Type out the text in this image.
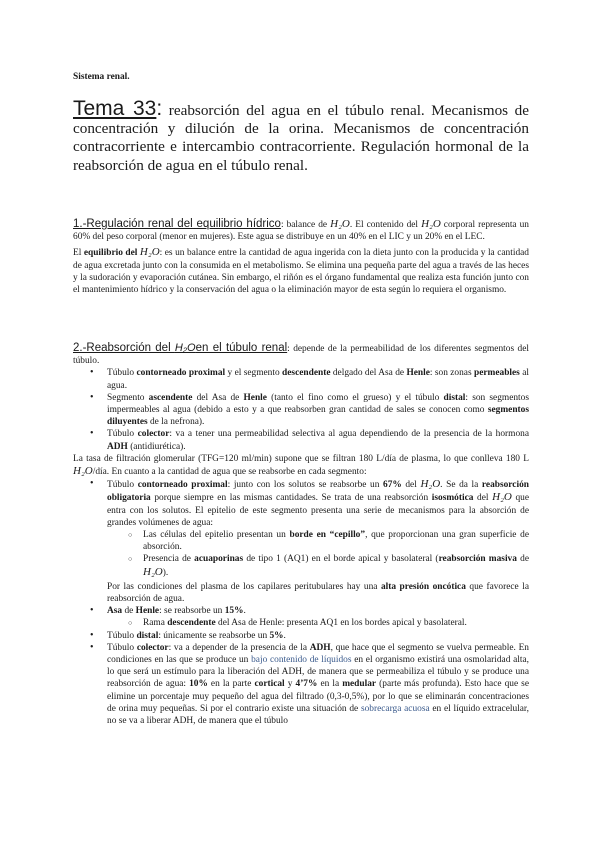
Sistema renal.
Tema 33: reabsorción del agua en el túbulo renal. Mecanismos de concentración y dilución de la orina. Mecanismos de concentración contracorriente e intercambio contracorriente. Regulación hormonal de la reabsorción de agua en el túbulo renal.

1.-Regulación renal del equilibrio hídrico: balance de H₂O. El contenido del H₂O corporal representa un 60% del peso corporal (menor en mujeres). Este agua se distribuye en un 40% en el LIC y un 20% en el LEC.

El equilibrio del H₂O: es un balance entre la cantidad de agua ingerida con la dieta junto con la producida y la cantidad de agua excretada junto con la consumida en el metabolismo. Se elimina una pequeña parte del agua a través de las heces y la sudoración y evaporación cutánea. Sin embargo, el riñón es el órgano fundamental que realiza esta función junto con el mantenimiento hídrico y la conservación del agua o la eliminación mayor de esta según lo requiera el organismo.

2.-Reabsorción del H₂Oen el túbulo renal: depende de la permeabilidad de los diferentes segmentos del túbulo.

• Túbulo contorneado proximal y el segmento descendente delgado del Asa de Henle: son zonas permeables al agua.
• Segmento ascendente del Asa de Henle (tanto el fino como el grueso) y el túbulo distal: son segmentos impermeables al agua (debido a esto y a que reabsorben gran cantidad de sales se conocen como segmentos diluyentes de la nefrona).
• Túbulo colector: va a tener una permeabilidad selectiva al agua dependiendo de la presencia de la hormona ADH (antidiurética).

La tasa de filtración glomerular (TFG=120 ml/min) supone que se filtran 180 L/día de plasma, lo que conlleva 180 L H₂O/día. En cuanto a la cantidad de agua que se reabsorbe en cada segmento:

• Túbulo contorneado proximal: junto con los solutos se reabsorbe un 67% del H₂O. Se da la reabsorción obligatoria porque siempre en las mismas cantidades. Se trata de una reabsorción isosmótica del H₂O que entra con los solutos. El epitelio de este segmento presenta una serie de mecanismos para la absorción de grandes volúmenes de agua:
○ Las células del epitelio presentan un borde en “cepillo”, que proporcionan una gran superficie de absorción.
○ Presencia de acuaporinas de tipo 1 (AQ1) en el borde apical y basolateral (reabsorción masiva de H₂O).

Por las condiciones del plasma de los capilares peritubulares hay una alta presión oncótica que favorece la reabsorción de agua.

• Asa de Henle: se reabsorbe un 15%.
○ Rama descendente del Asa de Henle: presenta AQ1 en los bordes apical y basolateral.
• Túbulo distal: únicamente se reabsorbe un 5%.
• Túbulo colector: va a depender de la presencia de la ADH, que hace que el segmento se vuelva permeable. En condiciones en las que se produce un bajo contenido de líquidos en el organismo existirá una osmolaridad alta, lo que será un estímulo para la liberación del ADH, de manera que se permeabiliza el túbulo y se produce una reabsorción de agua: 10% en la parte cortical y 4’7% en la medular (parte más profunda). Esto hace que se elimine un porcentaje muy pequeño del agua del filtrado (0,3-0,5%), por lo que se eliminarán concentraciones de orina muy pequeñas. Si por el contrario existe una situación de sobrecarga acuosa en el líquido extracelular, no se va a liberar ADH, de manera que el túbulo
